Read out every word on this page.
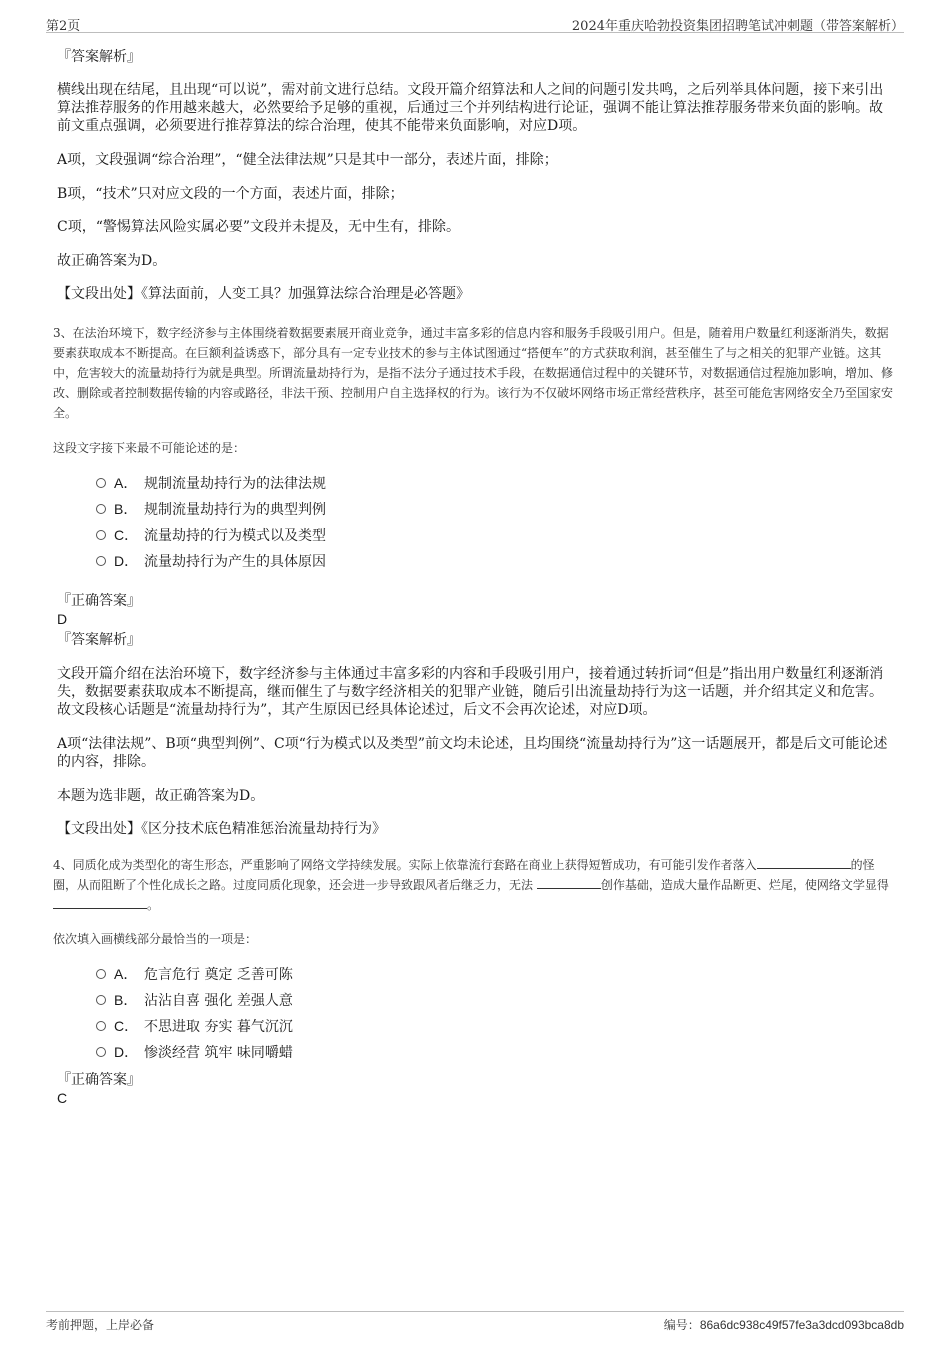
第2页	2024年重庆哈勃投资集团招聘笔试冲刺题（带答案解析）
『答案解析』
横线出现在结尾，且出现“可以说”，需对前文进行总结。文段开篇介绍算法和人之间的问题引发共鸣，之后列举具体问题，接下来引出算法推荐服务的作用越来越大，必然要给予足够的重视，后通过三个并列结构进行论证，强调不能让算法推荐服务带来负面的影响。故前文重点强调，必须要进行推荐算法的综合治理，使其不能带来负面影响，对应D项。
A项，文段强调“综合治理”，“健全法律法规”只是其中一部分，表述片面，排除；
B项，“技术”只对应文段的一个方面，表述片面，排除；
C项，“警惕算法风险实属必要”文段并未提及，无中生有，排除。
故正确答案为D。
【文段出处】《算法面前，人变工具？加强算法综合治理是必答题》
3、在法治环境下，数字经济参与主体围绕着数据要素展开商业竞争，通过丰富多彩的信息内容和服务手段吸引用户。但是，随着用户数量红利逐渐消失，数据要素获取成本不断提高。在巨额利益诱惑下，部分具有一定专业技术的参与主体试图通过“搭便车”的方式获取利润，甚至催生了与之相关的犯罪产业链。这其中，危害较大的流量劫持行为就是典型。所谓流量劫持行为，是指不法分子通过技术手段，在数据通信过程中的关键环节，对数据通信过程施加影响，增加、修改、删除或者控制数据传输的内容或路径，非法干预、控制用户自主选择权的行为。该行为不仅破坏网络市场正常经营秩序，甚至可能危害网络安全乃至国家安全。
这段文字接下来最不可能论述的是：
A． 规制流量劫持行为的法律法规
B． 规制流量劫持行为的典型判例
C． 流量劫持的行为模式以及类型
D． 流量劫持行为产生的具体原因
『正确答案』
D
『答案解析』
文段开篇介绍在法治环境下，数字经济参与主体通过丰富多彩的内容和手段吸引用户，接着通过转折词“但是”指出用户数量红利逐渐消失，数据要素获取成本不断提高，继而催生了与数字经济相关的犯罪产业链，随后引出流量劫持行为这一话题，并介绍其定义和危害。故文段核心话题是“流量劫持行为”，其产生原因已经具体论述过，后文不会再次论述，对应D项。
A项“法律法规”、B项“典型判例”、C项“行为模式以及类型”前文均未论述，且均围绕“流量劫持行为”这一话题展开，都是后文可能论述的内容，排除。
本题为选非题，故正确答案为D。
【文段出处】《区分技术底色精准惩治流量劫持行为》
4、同质化成为类型化的寄生形态，严重影响了网络文学持续发展。实际上依靠流行套路在商业上获得短暂成功，有可能引发作者落入	的怪圈，从而阻断了个性化成长之路。过度同质化现象，还会进一步导致跟风者后继乏力，无法	创作基础，造成大量作品断更、烂尾，使网络文学显得 。
依次填入画横线部分最恰当的一项是：
A． 危言危行 奠定 乏善可陈
B． 沾沾自喜 强化 差强人意
C． 不思进取 夯实 暮气沉沉
D． 惨淡经营 筑牢 味同嚼蜡
『正确答案』
C
考前押题，上岸必备	编号：86a6dc938c49f57fe3a3dcd093bca8db
